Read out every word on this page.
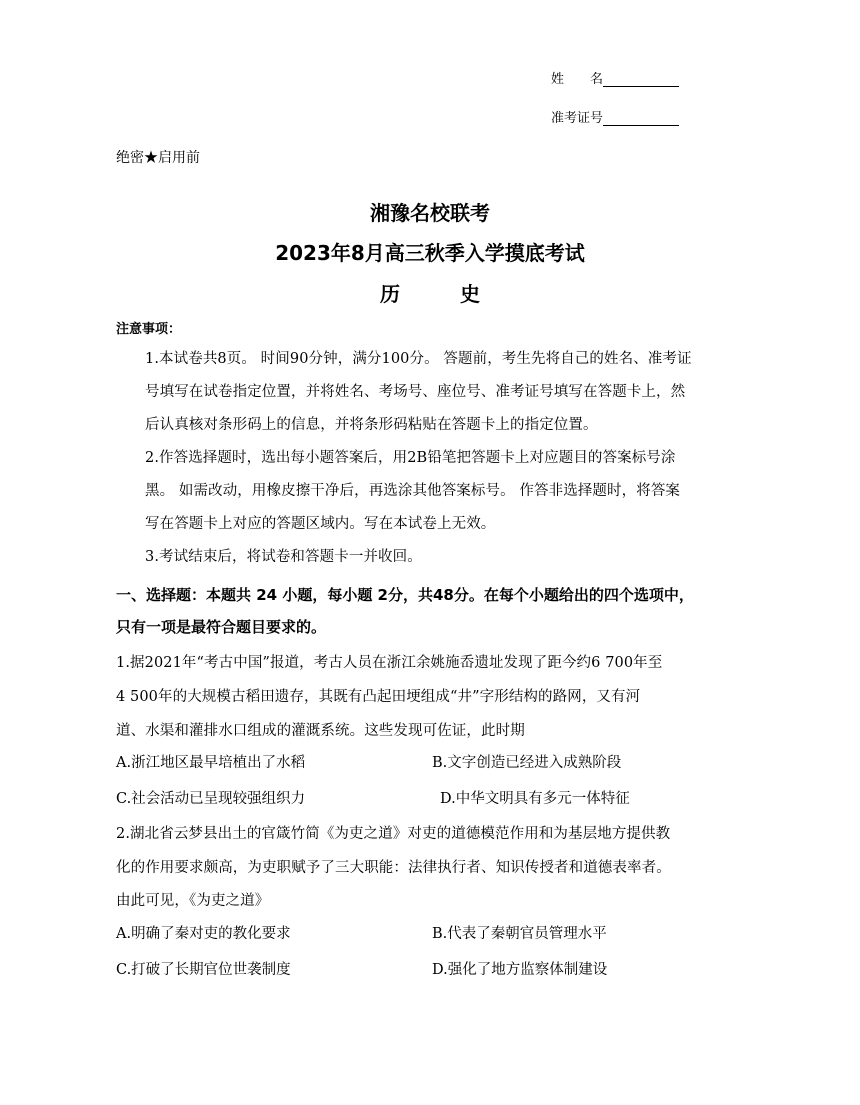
姓　　名
准考证号
绝密★启用前
湘豫名校联考
2023年8月高三秋季入学摸底考试
历　　　史
注意事项：
1.本试卷共8页。 时间90分钟，满分100分。 答题前，考生先将自己的姓名、准考证
号填写在试卷指定位置，并将姓名、考场号、座位号、准考证号填写在答题卡上，然
后认真核对条形码上的信息，并将条形码粘贴在答题卡上的指定位置。
2.作答选择题时，选出每小题答案后，用2B铅笔把答题卡上对应题目的答案标号涂
黑。 如需改动，用橡皮擦干净后，再选涂其他答案标号。 作答非选择题时，将答案
写在答题卡上对应的答题区域内。写在本试卷上无效。
3.考试结束后，将试卷和答题卡一并收回。
一、选择题：本题共 24 小题，每小题 2分，共48分。在每个小题给出的四个选项中，
只有一项是最符合题目要求的。
1.据2021年“考古中国”报道，考古人员在浙江余姚施岙遗址发现了距今约6 700年至
4 500年的大规模古稻田遗存，其既有凸起田埂组成“井”字形结构的路网，又有河
道、水渠和灌排水口组成的灌溉系统。这些发现可佐证，此时期
A.浙江地区最早培植出了水稻	B.文字创造已经进入成熟阶段
C.社会活动已呈现较强组织力	D.中华文明具有多元一体特征
2.湖北省云梦县出土的官箴竹简《为吏之道》对吏的道德模范作用和为基层地方提供教
化的作用要求颇高，为吏职赋予了三大职能：法律执行者、知识传授者和道德表率者。
由此可见，《为吏之道》
A.明确了秦对吏的教化要求	B.代表了秦朝官员管理水平
C.打破了长期官位世袭制度	D.强化了地方监察体制建设
